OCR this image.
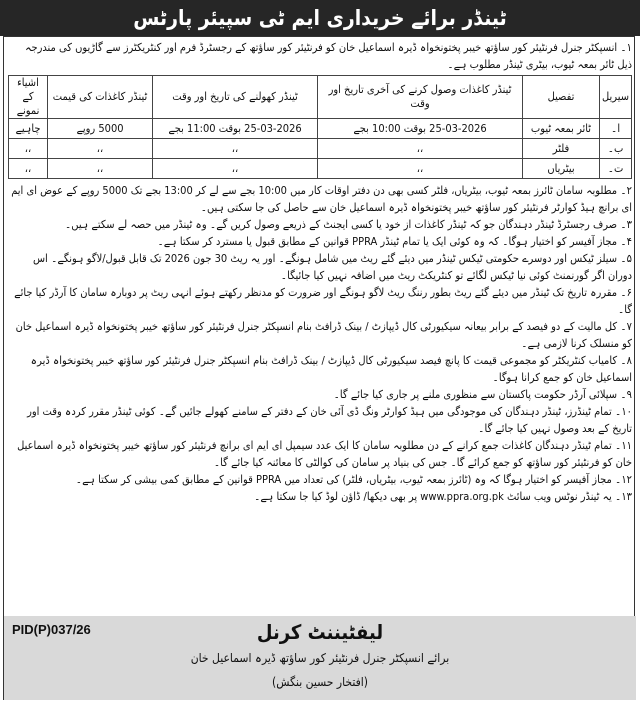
ٹینڈر برائے خریداری ایم ٹی سپیئر پارٹس
۱۔ انسپکٹر جنرل فرنٹیئر کور ساؤتھ خیبر پختونخواہ ڈیرہ اسماعیل خان کو فرنٹیئر کور ساؤتھ کے رجسٹرڈ فرم اور کنٹریکٹرز سے گاڑیوں کی مندرجہ ذیل ٹائر بمعہ ٹیوب، بیٹری ٹینڈر مطلوب ہے۔
سیریل	تفصیل	ٹینڈر کاغذات وصول کرنے کی آخری تاریخ اور وقت	ٹینڈر کھولنے کی تاریخ اور وقت	ٹینڈر کاغذات کی قیمت	اشیاء کے نمونے
ا۔	ٹائر بمعہ ٹیوب	25-03-2026 بوقت 10:00 بجے	25-03-2026 بوقت 11:00 بجے	5000 روپے	چاہیے
ب۔	فلٹر	،،	،،	،،	،،
ت۔	بیٹریاں	،،	،،	،،	،،
۲۔ مطلوبہ سامان ٹائرز بمعہ ٹیوب، بیٹریاں، فلٹر کسی بھی دن دفتر اوقات کار میں 10:00 بجے سے لے کر 13:00 بجے تک 5000 روپے کے عوض ای ایم ای برانچ ہیڈ کوارٹر فرنٹیئر کور ساؤتھ خیبر پختونخواہ ڈیرہ اسماعیل خان سے حاصل کی جا سکتی ہیں۔
۳۔ صرف رجسٹرڈ ٹینڈر دہندگان جو کہ ٹینڈر کاغذات از خود یا کسی ایجنٹ کے ذریعے وصول کریں گے۔ وہ ٹینڈر میں حصہ لے سکتے ہیں۔
۴۔ مجاز آفیسر کو اختیار ہوگا۔ کہ وہ کوئی ایک یا تمام ٹینڈر PPRA قوانین کے مطابق قبول یا مسترد کر سکتا ہے۔
۵۔ سیلز ٹیکس اور دوسرے حکومتی ٹیکس ٹینڈر میں دیئے گئے ریٹ میں شامل ہونگے۔ اور یہ ریٹ 30 جون 2026 تک قابل قبول/لاگو ہونگے۔ اس دوران اگر گورنمنٹ کوئی نیا ٹیکس لگائے تو کنٹریکٹ ریٹ میں اضافہ نہیں کیا جائیگا۔
۶۔ مقررہ تاریخ تک ٹینڈر میں دیئے گئے ریٹ بطور رننگ ریٹ لاگو ہونگے اور ضرورت کو مدنظر رکھتے ہوئے انہی ریٹ پر دوبارہ سامان کا آرڈر کیا جائے گا۔
۷۔ کل مالیت کے دو فیصد کے برابر بیعانہ سیکیورٹی کال ڈیپازٹ / بینک ڈرافٹ بنام انسپکٹر جنرل فرنٹیئر کور ساؤتھ خیبر پختونخواہ ڈیرہ اسماعیل خان کو منسلک کرنا لازمی ہے۔
۸۔ کامیاب کنٹریکٹر کو مجموعی قیمت کا پانچ فیصد سیکیورٹی کال ڈیپازٹ / بینک ڈرافٹ بنام انسپکٹر جنرل فرنٹیئر کور ساؤتھ خیبر پختونخواہ ڈیرہ اسماعیل خان کو جمع کرانا ہوگا۔
۹۔ سپلائی آرڈر حکومت پاکستان سے منظوری ملنے پر جاری کیا جائے گا۔
۱۰۔ تمام ٹینڈرز، ٹینڈر دہندگان کی موجودگی میں ہیڈ کوارٹر ونگ ڈی آئی خان کے دفتر کے سامنے کھولے جائیں گے۔ کوئی ٹینڈر مقرر کردہ وقت اور تاریخ کے بعد وصول نہیں کیا جائے گا۔
۱۱۔ تمام ٹینڈر دہندگان کاغذات جمع کرانے کے دن مطلوبہ سامان کا ایک عدد سیمپل ای ایم ای برانچ فرنٹیئر کور ساؤتھ خیبر پختونخواہ ڈیرہ اسماعیل خان کو فرنٹیئر کور ساؤتھ کو جمع کرائے گا۔ جس کی بنیاد پر سامان کی کوالٹی کا معائنہ کیا جائے گا۔
۱۲۔ مجاز آفیسر کو اختیار ہوگا کہ وہ (ٹائرز بمعہ ٹیوب، بیٹریاں، فلٹر) کی تعداد میں PPRA قوانین کے مطابق کمی بیشی کر سکتا ہے۔
۱۳۔ یہ ٹینڈر نوٹس ویب سائٹ www.ppra.org.pk پر بھی دیکھا/ ڈاؤن لوڈ کیا جا سکتا ہے۔
PID(P)037/26	لیفٹیننٹ کرنل
برائے انسپکٹر جنرل فرنٹیئر کور ساؤتھ ڈیرہ اسماعیل خان
(افتخار حسین بنگش)
